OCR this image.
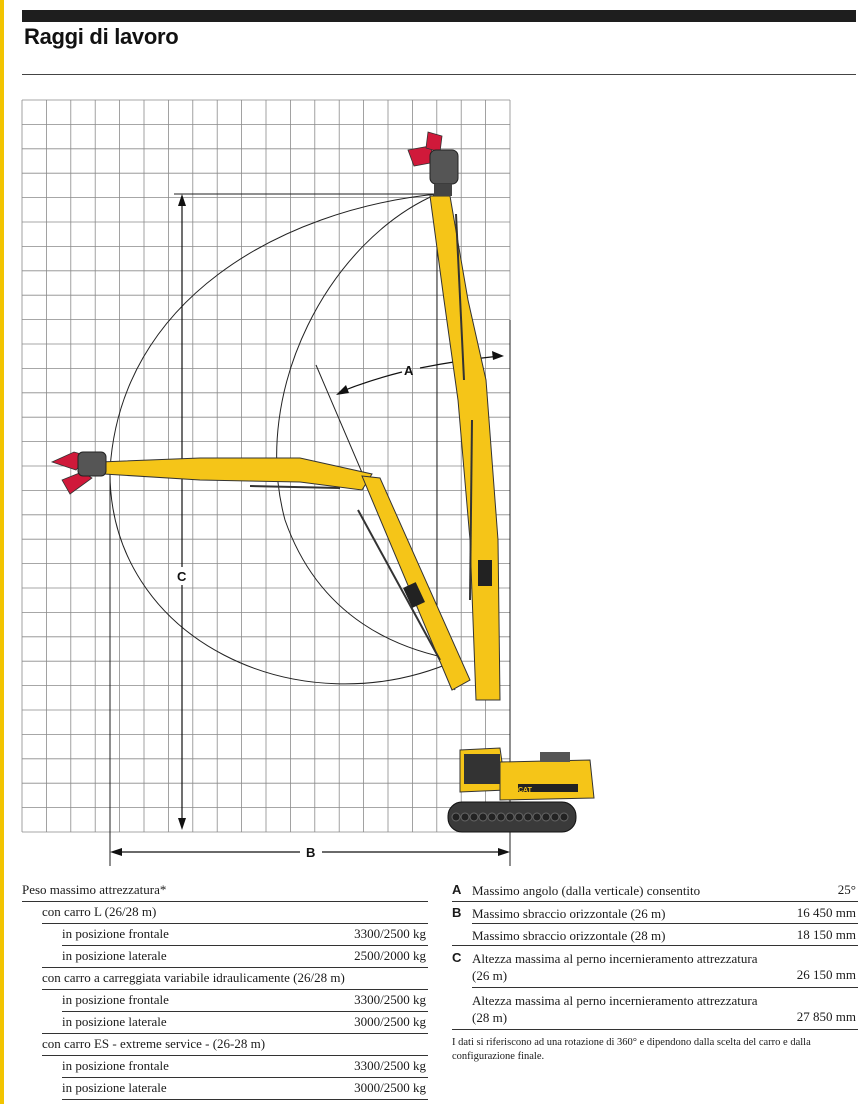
Raggi di lavoro
C
B
A
CAT
Peso massimo attrezzatura*
con carro L (26/28 m)
in posizione frontale	3300/2500 kg
in posizione laterale	2500/2000 kg
con carro a carreggiata variabile idraulicamente (26/28 m)
in posizione frontale	3300/2500 kg
in posizione laterale	3000/2500 kg
con carro ES - extreme service - (26-28 m)
in posizione frontale	3300/2500 kg
in posizione laterale	3000/2500 kg
A Massimo angolo (dalla verticale) consentito	25°
B Massimo sbraccio orizzontale (26 m)	16 450 mm
Massimo sbraccio orizzontale (28 m)	18 150 mm
C Altezza massima al perno incernieramento attrezzatura (26 m)	26 150 mm
Altezza massima al perno incernieramento attrezzatura (28 m)	27 850 mm
I dati si riferiscono ad una rotazione di 360° e dipendono dalla scelta del carro e dalla configurazione finale.
